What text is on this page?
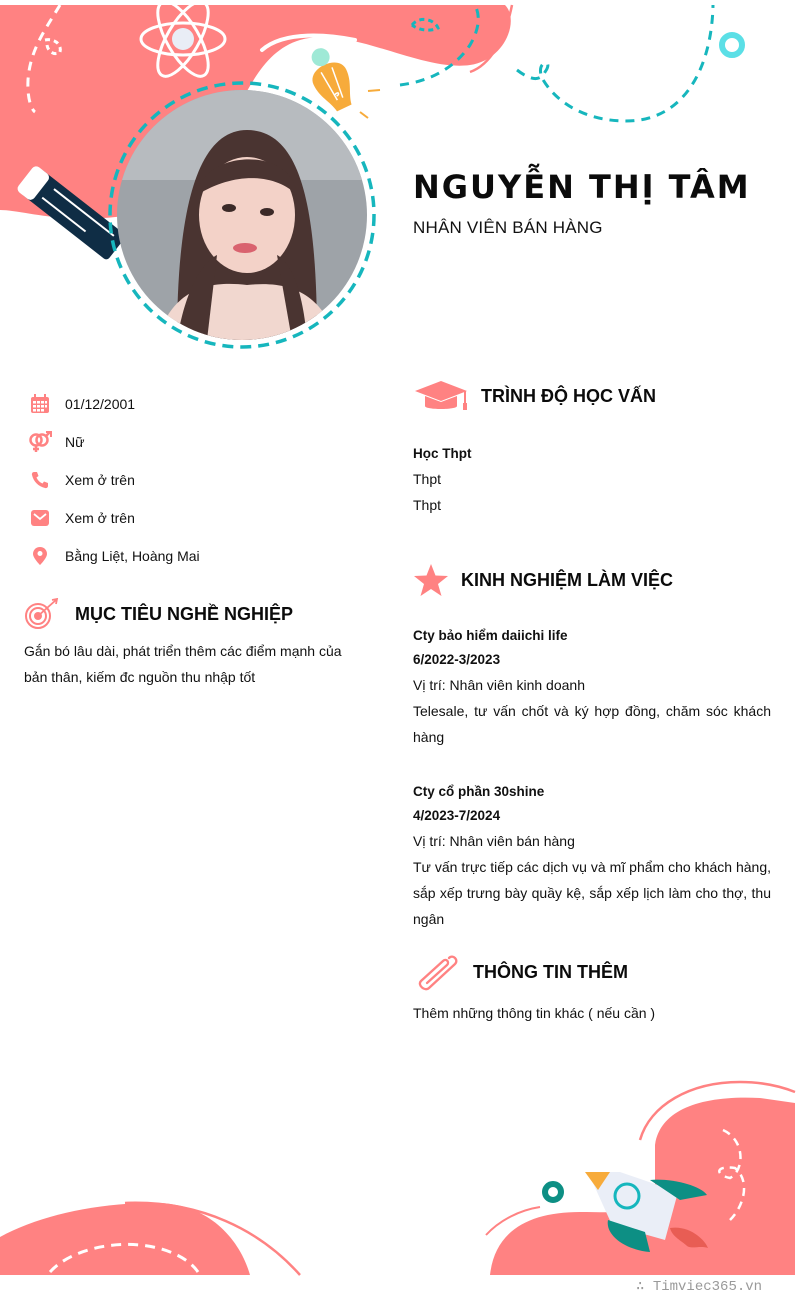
NGUYỄN THỊ TÂM
NHÂN VIÊN BÁN HÀNG
01/12/2001
Nữ
Xem ở trên
Xem ở trên
Bằng Liệt, Hoàng Mai
MỤC TIÊU NGHỀ NGHIỆP
Gắn bó lâu dài, phát triển thêm các điểm mạnh của bản thân, kiếm đc nguồn thu nhập tốt
TRÌNH ĐỘ HỌC VẤN
Học Thpt
Thpt
Thpt
KINH NGHIỆM LÀM VIỆC
Cty bảo hiểm daiichi life
6/2022-3/2023
Vị trí: Nhân viên kinh doanh
Telesale, tư vấn chốt và ký hợp đồng, chăm sóc khách hàng
Cty cổ phần 30shine
4/2023-7/2024
Vị trí: Nhân viên bán hàng
Tư vấn trực tiếp các dịch vụ và mĩ phẩm cho khách hàng, sắp xếp trưng bày quầy kệ, sắp xếp lịch làm cho thợ, thu ngân
THÔNG TIN THÊM
Thêm những thông tin khác ( nếu cần )
∴ Timviec365.vn
